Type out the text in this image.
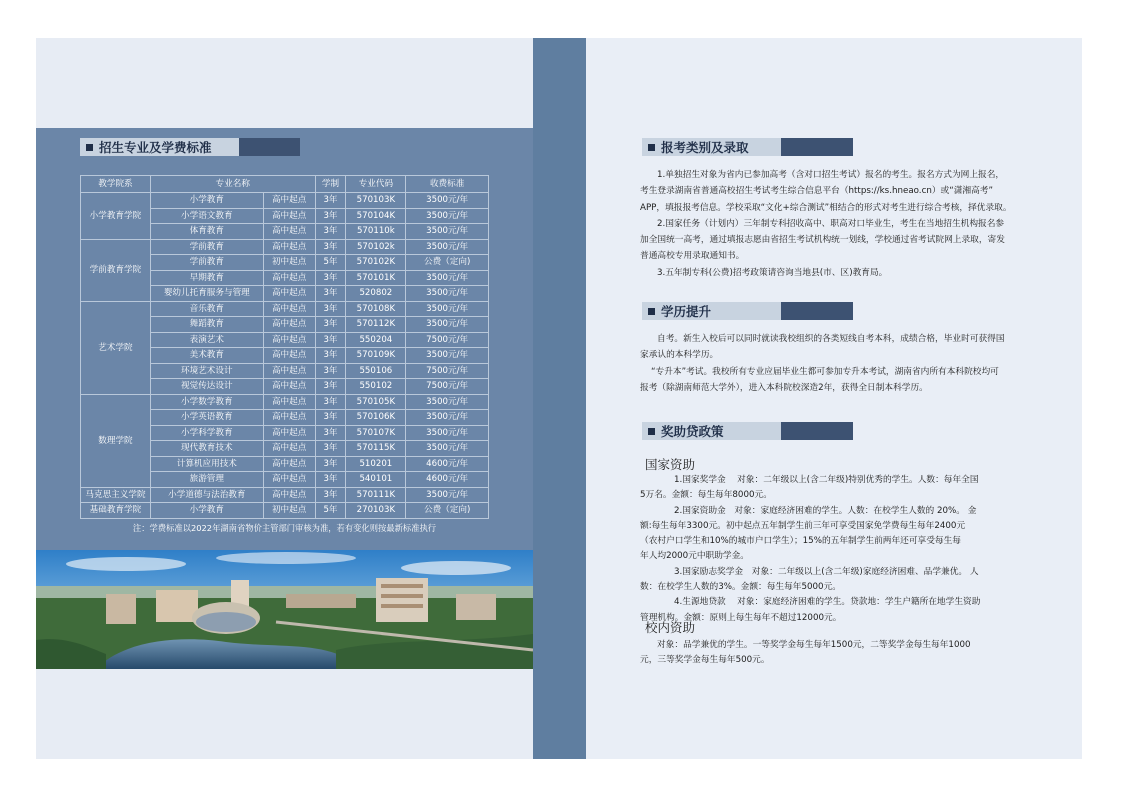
招生专业及学费标准
教学院系	专业名称		学制	专业代码	收费标准
小学教育学院	小学教育	高中起点	3年	570103K	3500元/年
	小学语文教育	高中起点	3年	570104K	3500元/年
	体育教育	高中起点	3年	570110k	3500元/年
学前教育学院	学前教育	高中起点	3年	570102k	3500元/年
	学前教育	初中起点	5年	570102K	公费（定向)
	早期教育	高中起点	3年	570101K	3500元/年
	婴幼儿托育服务与管理	高中起点	3年	520802	3500元/年
艺术学院	音乐教育	高中起点	3年	570108K	3500元/年
	舞蹈教育	高中起点	3年	570112K	3500元/年
	表演艺术	高中起点	3年	550204	7500元/年
	美术教育	高中起点	3年	570109K	3500元/年
	环境艺术设计	高中起点	3年	550106	7500元/年
	视觉传达设计	高中起点	3年	550102	7500元/年
数理学院	小学数学教育	高中起点	3年	570105K	3500元/年
	小学英语教育	高中起点	3年	570106K	3500元/年
	小学科学教育	高中起点	3年	570107K	3500元/年
	现代教育技术	高中起点	3年	570115K	3500元/年
	计算机应用技术	高中起点	3年	510201	4600元/年
	旅游管理	高中起点	3年	540101	4600元/年
马克思主义学院	小学道德与法治教育	高中起点	3年	570111K	3500元/年
基础教育学院	小学教育	初中起点	5年	270103K	公费（定向)
注：学费标准以2022年湖南省物价主管部门审核为准，若有变化则按最新标准执行
报考类别及录取

1.单独招生对象为省内已参加高考（含对口招生考试）报名的考生。报名方式为网上报名，

考生登录湖南省普通高校招生考试考生综合信息平台（https://ks.hneao.cn）或“潇湘高考”

APP，填报报考信息。学校采取“文化+综合测试”相结合的形式对考生进行综合考核，择优录取。

2.国家任务（计划内）三年制专科招收高中、职高对口毕业生，考生在当地招生机构报名参

加全国统一高考，通过填报志愿由省招生考试机构统一划线，学校通过省考试院网上录取，寄发

普通高校专用录取通知书。

3.五年制专科(公费)招考政策请咨询当地县(市、区)教育局。

学历提升

自考。新生入校后可以同时就读我校组织的各类短线自考本科，成绩合格，毕业时可获得国

家承认的本科学历。

“专升本”考试。我校所有专业应届毕业生都可参加专升本考试，湖南省内所有本科院校均可

报考（除湖南师范大学外），进入本科院校深造2年，获得全日制本科学历。

奖助贷政策
国家资助

1.国家奖学金　 对象：二年级以上(含二年级)特别优秀的学生。人数：每年全国

5万名。金额：每生每年8000元。

2.国家资助金　对象：家庭经济困难的学生。人数：在校学生人数的 20%。 金

额:每生每年3300元。初中起点五年制学生前三年可享受国家免学费每生每年2400元

（农村户口学生和10%的城市户口学生）；15%的五年制学生前两年还可享受每生每

年人均2000元中职助学金。

3.国家励志奖学金　对象：二年级以上(含二年级)家庭经济困难、品学兼优。 人

数：在校学生人数的3%。金额：每生每年5000元。

4.生源地贷款　 对象：家庭经济困难的学生。贷款地：学生户籍所在地学生资助

管理机构。金额：原则上每生每年不超过12000元。

校内资助

对象：品学兼优的学生。一等奖学金每生每年1500元，二等奖学金每生每年1000

元，三等奖学金每生每年500元。
